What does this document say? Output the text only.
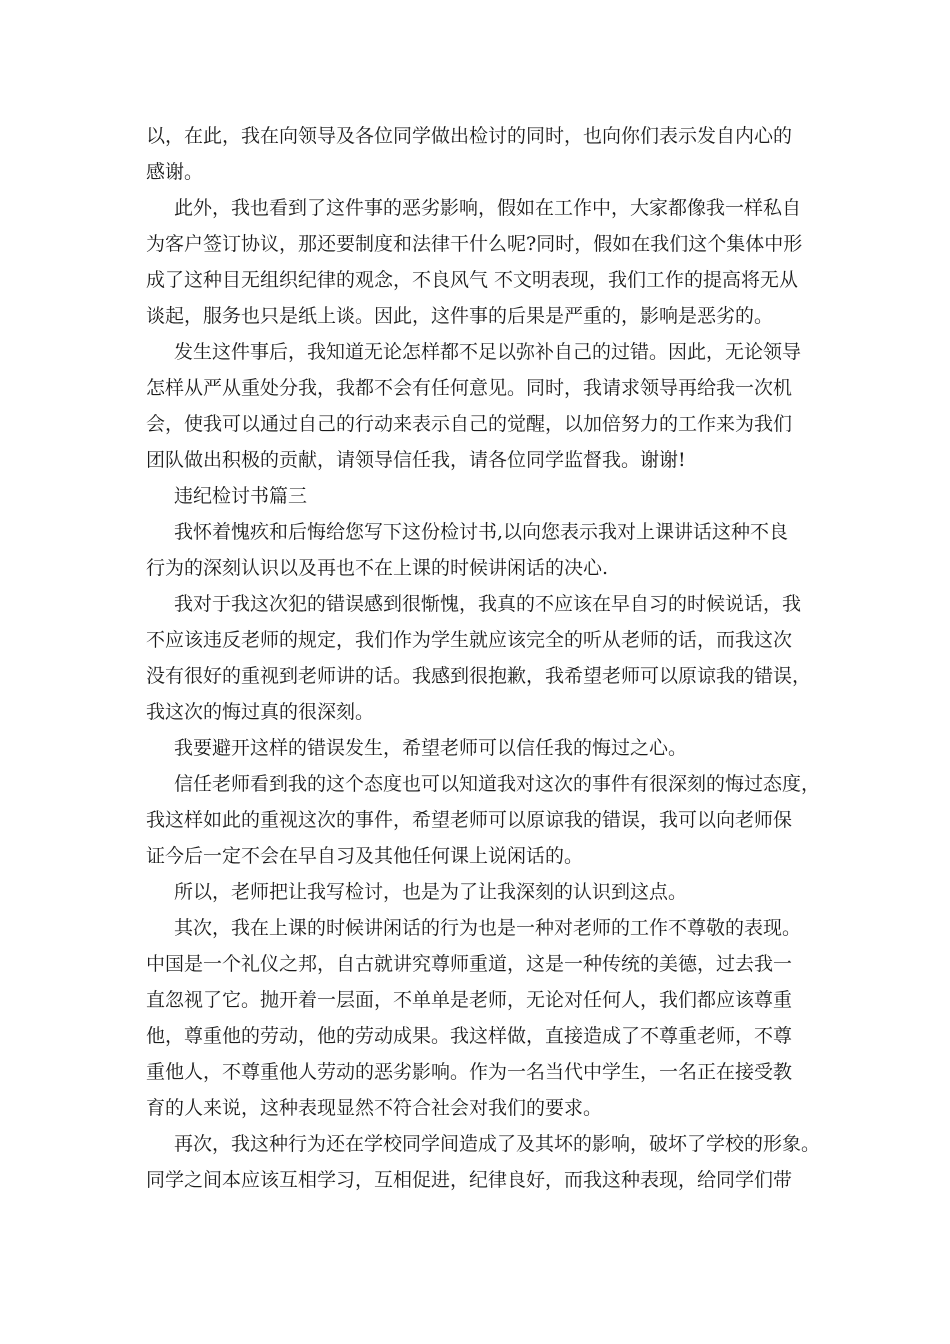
以，在此，我在向领导及各位同学做出检讨的同时，也向你们表示发自内心的
感谢。
此外，我也看到了这件事的恶劣影响，假如在工作中，大家都像我一样私自
为客户签订协议，那还要制度和法律干什么呢?同时，假如在我们这个集体中形
成了这种目无组织纪律的观念，不良风气 不文明表现，我们工作的提高将无从
谈起，服务也只是纸上谈。因此，这件事的后果是严重的，影响是恶劣的。
发生这件事后，我知道无论怎样都不足以弥补自己的过错。因此，无论领导
怎样从严从重处分我，我都不会有任何意见。同时，我请求领导再给我一次机
会，使我可以通过自己的行动来表示自己的觉醒，以加倍努力的工作来为我们
团队做出积极的贡献，请领导信任我，请各位同学监督我。谢谢!
违纪检讨书篇三
我怀着愧疚和后悔给您写下这份检讨书,以向您表示我对上课讲话这种不良
行为的深刻认识以及再也不在上课的时候讲闲话的决心.
我对于我这次犯的错误感到很惭愧，我真的不应该在早自习的时候说话，我
不应该违反老师的规定，我们作为学生就应该完全的听从老师的话，而我这次
没有很好的重视到老师讲的话。我感到很抱歉，我希望老师可以原谅我的错误，
我这次的悔过真的很深刻。
我要避开这样的错误发生，希望老师可以信任我的悔过之心。
信任老师看到我的这个态度也可以知道我对这次的事件有很深刻的悔过态度，
我这样如此的重视这次的事件，希望老师可以原谅我的错误，我可以向老师保
证今后一定不会在早自习及其他任何课上说闲话的。
所以，老师把让我写检讨，也是为了让我深刻的认识到这点。
其次，我在上课的时候讲闲话的行为也是一种对老师的工作不尊敬的表现。
中国是一个礼仪之邦，自古就讲究尊师重道，这是一种传统的美德，过去我一
直忽视了它。抛开着一层面，不单单是老师，无论对任何人，我们都应该尊重
他，尊重他的劳动，他的劳动成果。我这样做，直接造成了不尊重老师，不尊
重他人，不尊重他人劳动的恶劣影响。作为一名当代中学生，一名正在接受教
育的人来说，这种表现显然不符合社会对我们的要求。
再次，我这种行为还在学校同学间造成了及其坏的影响，破坏了学校的形象。
同学之间本应该互相学习，互相促进，纪律良好，而我这种表现，给同学们带
